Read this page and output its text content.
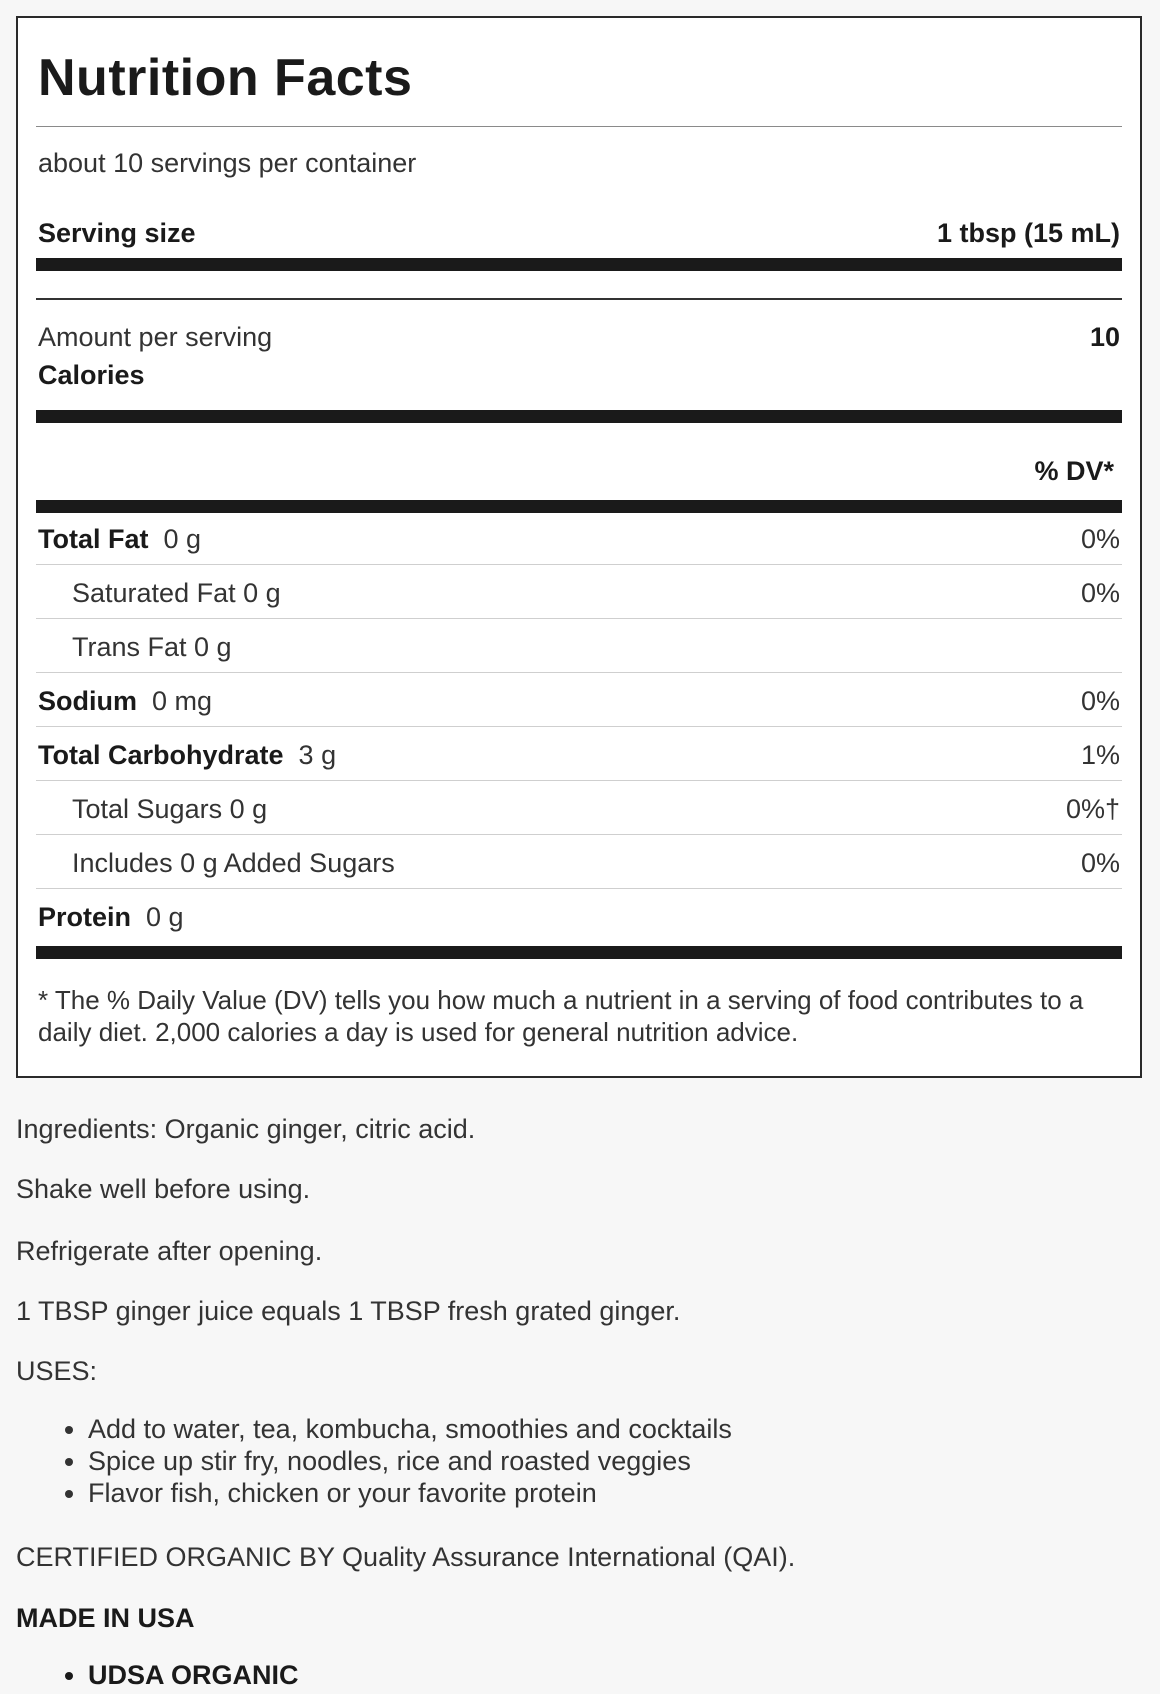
Nutrition Facts
about 10 servings per container
Serving size	1 tbsp (15 mL)
Amount per serving
Calories
10
% DV*
Total Fat 0 g	0%
Saturated Fat 0 g	0%
Trans Fat 0 g
Sodium 0 mg	0%
Total Carbohydrate 3 g	1%
Total Sugars 0 g	0%†
Includes 0 g Added Sugars	0%
Protein 0 g
* The % Daily Value (DV) tells you how much a nutrient in a serving of food contributes to a daily diet. 2,000 calories a day is used for general nutrition advice.
Ingredients: Organic ginger, citric acid.
Shake well before using.
Refrigerate after opening.
1 TBSP ginger juice equals 1 TBSP fresh grated ginger.
USES:
• Add to water, tea, kombucha, smoothies and cocktails
• Spice up stir fry, noodles, rice and roasted veggies
• Flavor fish, chicken or your favorite protein
CERTIFIED ORGANIC BY Quality Assurance International (QAI).
MADE IN USA
• UDSA ORGANIC
